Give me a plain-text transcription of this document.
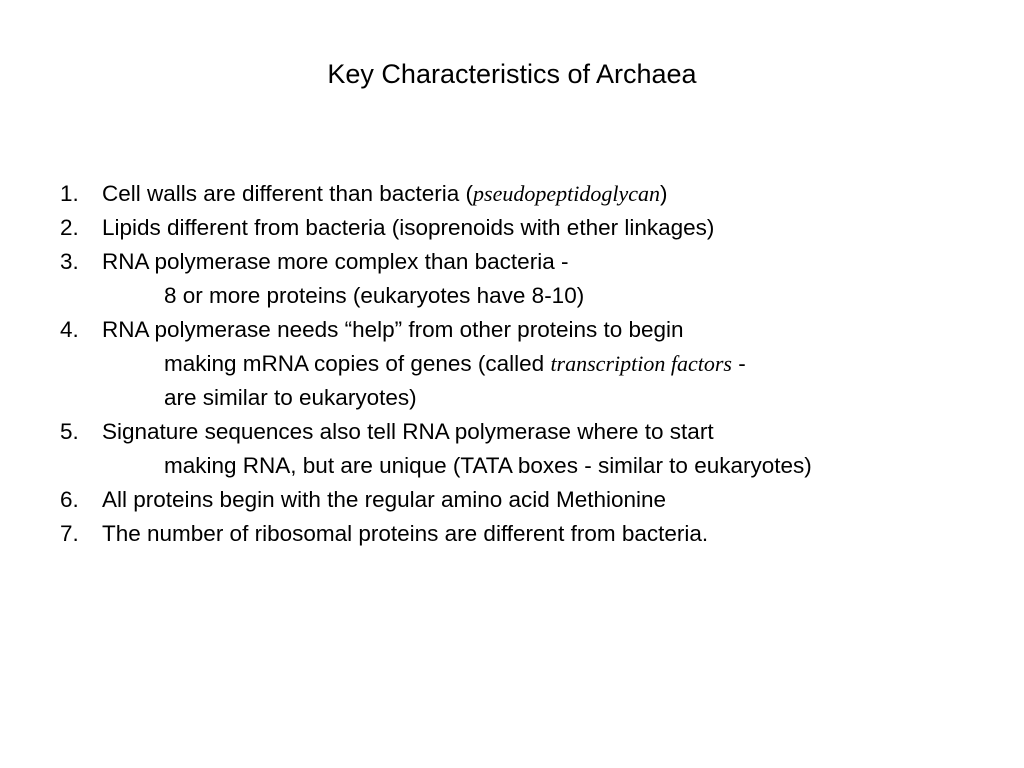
Key Characteristics of Archaea
1. Cell walls are different than bacteria (pseudopeptidoglycan)
2. Lipids different from bacteria (isoprenoids with ether linkages)
3. RNA polymerase more complex than bacteria -
8 or more proteins (eukaryotes have 8-10)
4. RNA polymerase needs “help” from other proteins to begin
making mRNA copies of genes (called transcription factors -
are similar to eukaryotes)
5. Signature sequences also tell RNA polymerase where to start
making RNA, but are unique (TATA boxes - similar to eukaryotes)
6. All proteins begin with the regular amino acid Methionine
7. The number of ribosomal proteins are different from bacteria.
